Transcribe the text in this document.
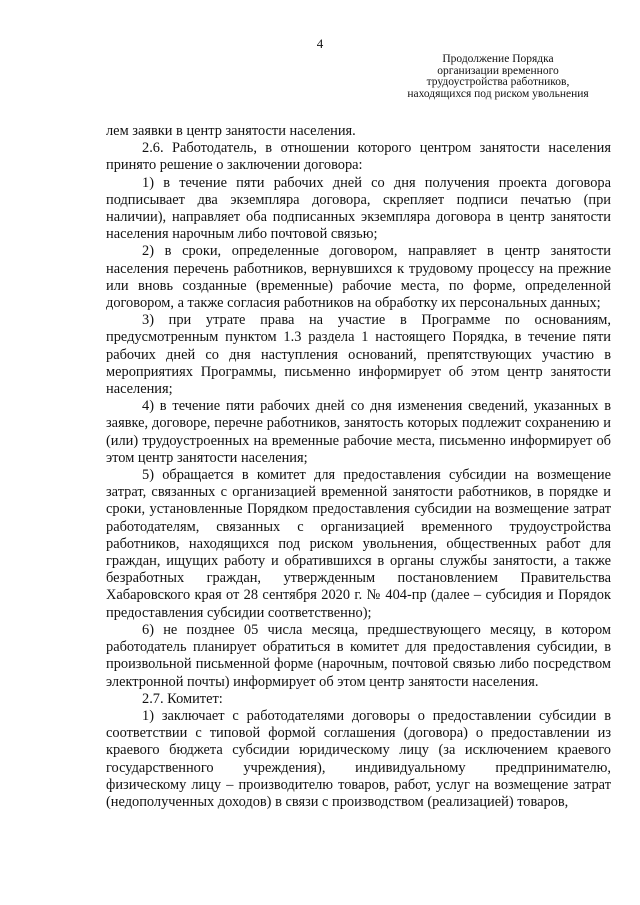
4
Продолжение Порядка
организации временного
трудоустройства работников,
находящихся под риском увольнения

лем заявки в центр занятости населения.

2.6. Работодатель, в отношении которого центром занятости населения принято решение о заключении договора:

1) в течение пяти рабочих дней со дня получения проекта договора подписывает два экземпляра договора, скрепляет подписи печатью (при наличии), направляет оба подписанных экземпляра договора в центр занятости населения нарочным либо почтовой связью;

2) в сроки, определенные договором, направляет в центр занятости населения перечень работников, вернувшихся к трудовому процессу на прежние или вновь созданные (временные) рабочие места, по форме, определенной договором, а также согласия работников на обработку их персональных данных;

3) при утрате права на участие в Программе по основаниям, предусмотренным пунктом 1.3 раздела 1 настоящего Порядка, в течение пяти рабочих дней со дня наступления оснований, препятствующих участию в мероприятиях Программы, письменно информирует об этом центр занятости населения;

4) в течение пяти рабочих дней со дня изменения сведений, указанных в заявке, договоре, перечне работников, занятость которых подлежит сохранению и (или) трудоустроенных на временные рабочие места, письменно информирует об этом центр занятости населения;

5) обращается в комитет для предоставления субсидии на возмещение затрат, связанных с организацией временной занятости работников, в порядке и сроки, установленные Порядком предоставления субсидии на возмещение затрат работодателям, связанных с организацией временного трудоустройства работников, находящихся под риском увольнения, общественных работ для граждан, ищущих работу и обратившихся в органы службы занятости, а также безработных граждан, утвержденным постановлением Правительства Хабаровского края от 28 сентября 2020 г. № 404-пр (далее – субсидия и Порядок предоставления субсидии соответственно);

6) не позднее 05 числа месяца, предшествующего месяцу, в котором работодатель планирует обратиться в комитет для предоставления субсидии, в произвольной письменной форме (нарочным, почтовой связью либо посредством электронной почты) информирует об этом центр занятости населения.

2.7. Комитет:

1) заключает с работодателями договоры о предоставлении субсидии в соответствии с типовой формой соглашения (договора) о предоставлении из краевого бюджета субсидии юридическому лицу (за исключением краевого государственного учреждения), индивидуальному предпринимателю, физическому лицу – производителю товаров, работ, услуг на возмещение затрат (недополученных доходов) в связи с производством (реализацией) товаров,
